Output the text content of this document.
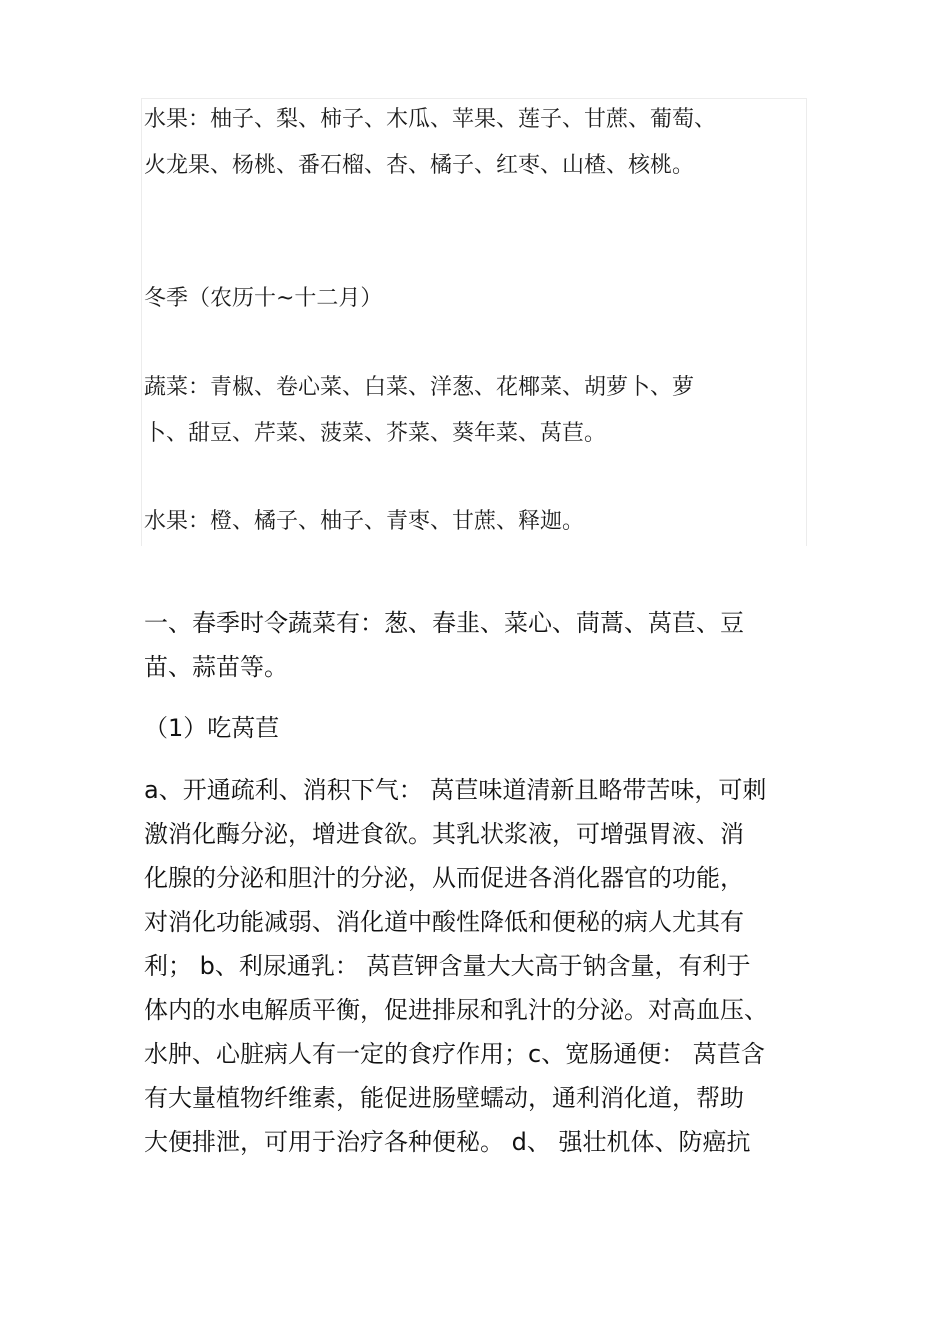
水果：柚子、梨、柿子、木瓜、苹果、莲子、甘蔗、葡萄、
火龙果、杨桃、番石榴、杏、橘子、红枣、山楂、核桃。
冬季（农历十~十二月）
蔬菜：青椒、卷心菜、白菜、洋葱、花椰菜、胡萝卜、萝
卜、甜豆、芹菜、菠菜、芥菜、葵年菜、莴苣。
水果：橙、橘子、柚子、青枣、甘蔗、释迦。
一、春季时令蔬菜有：葱、春韭、菜心、茼蒿、莴苣、豆
苗、蒜苗等。
（1）吃莴苣
a、开通疏利、消积下气： 莴苣味道清新且略带苦味，可刺
激消化酶分泌，增进食欲。其乳状浆液，可增强胃液、消
化腺的分泌和胆汁的分泌，从而促进各消化器官的功能，
对消化功能减弱、消化道中酸性降低和便秘的病人尤其有
利； b、利尿通乳： 莴苣钾含量大大高于钠含量，有利于
体内的水电解质平衡，促进排尿和乳汁的分泌。对高血压、
水肿、心脏病人有一定的食疗作用；c、宽肠通便： 莴苣含
有大量植物纤维素，能促进肠壁蠕动，通利消化道，帮助
大便排泄，可用于治疗各种便秘。 d、 强壮机体、防癌抗
